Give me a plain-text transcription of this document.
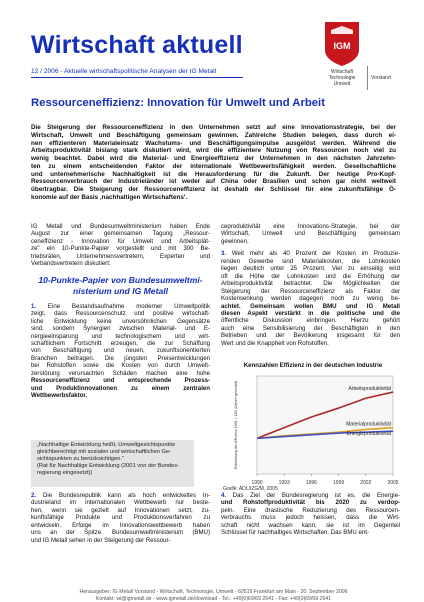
Wirtschaft aktuell
12 / 2006 - Aktuelle wirtschaftspolitische Analysen der IG Metall
IGM
Wirtschaft
Technologie
Umwelt
Vorstand
Ressourceneffizienz: Innovation für Umwelt und Arbeit
Die Steigerung der Ressourceneffizienz in den Unternehmen setzt auf eine Innovationsstrategie, bei der
Wirtschaft, Umwelt und Beschäftigung gemeinsam gewinnen. Zahlreiche Studien belegen, dass durch ei-
nen effizienteren Materialeinsatz Wachstums- und Beschäftigungsimpulse ausgelöst werden. Während die
Arbeitsproduktivität bislang stark diskutiert wird, wird die effizientere Nutzung von Ressourcen noch viel zu
wenig beachtet. Dabei wird die Material- und Energieeffizienz der Unternehmen in den nächsten Jahrzehn-
ten zu einem entscheidenden Faktor der internationale Wettbewerbsfähigkeit werden. Gesellschaftliche
und unternehmerische Nachhaltigkeit ist die Herausforderung für die Zukunft. Der heutige Pro-Kopf-
Ressourcenverbrauch der Industrieländer ist weder auf China oder Brasilien und schon gar nicht weltweit
übertragbar. Die Steigerung der Ressourceneffizienz ist deshalb der Schlüssel für eine zukunftsfähige Ö-
konomie auf der Basis ‚nachhaltigen Wirtschaftens'.

IG Metall und Bundesumweltministerium haben Ende
August zur einer gemeinsamen Tagung „Ressour-
ceneffizienz - Innovation für Umwelt und Arbeitsplät-
ze" ein 10-Punkte-Papier vorgestellt und mit 300 Be-
triebsräten, Unternehmensvertretern, Experten und
Verbandsvertretern diskutiert:

10-Punkte-Papier von Bundesumweltmi-
nisterium und IG Metall

1. Eine Bestandsaufnahme moderner Umweltpolitik
zeigt, dass Ressourcenschutz und positive wirtschaft-
liche Entwicklung keine unversöhnlichen Gegensätze
sind, sondern Synergien zwischen Material- und E-
nergieeinsparung und technologischem und wirt-
schaftlichem Fortschritt erzeugen, die zur Schaffung
von Beschäftigung und neuen, zukunftsorientierten
Branchen beitragen. Die jüngsten Preisentwicklungen
bei Rohstoffen sowie die Kosten von durch Umwelt-
zerstörung verursachten Schäden machen eine hohe
Ressourceneffizienz und entsprechende Prozess-
und Produktinnovationen zu einem zentralen
Wettbewerbsfaktor.

„Nachhaltige Entwicklung heißt, Umweltgesichtspunkte
gleichberechtigt mit sozialen und wirtschaftlichen Ge-
sichtspunkten zu berücksichtigen."
(Rat für Nachhaltige Entwicklung (2001 von der Bundes-
regierung eingesetzt))

2. Die Bundesrepublik kann als hoch entwickeltes In-
dustrieland im internationalen Wettbewerb nur beste-
hen, wenn sie gezielt auf Innovationen setzt, zu-
kunftsfähige Produkte und Produktionsverfahren zu
entwickeln. Erfolge im Innovationswettbewerb haben
uns an der Spitze. Bundesumweltministerium (BMU)
und IG Metall sehen in der Steigerung der Ressour-

ceproduktivität eine Innovations-Strategie, bei der
Wirtschaft, Umwelt und Beschäftigung gemeinsam
gewinnen.

3. Weit mehr als 40 Prozent der Kosten im Produzie-
renden Gewerbe sind Materialkosten, die Lohnkosten
liegen deutlich unter 25 Prozent. Viel zu einseitig wird
oft die Höhe der Lohnkosten und die Erhöhung der
Arbeitsproduktivität betrachtet. Die Möglichkeiten der
Steigerung der Ressourceneffizienz als Faktor der
Kostensenkung werden dagegen noch zu wenig be-
achtet. Gemeinsam wollen BMU und IG Metall
diesen Aspekt verstärkt in die politische und die
öffentliche Diskussion einbringen. Hierzu gehört
auch eine Sensibilisierung der Beschäftigten in den
Betrieben und der Bevölkerung insgesamt für den
Wert und die Knappheit von Rohstoffen.

Kennzahlen Effizienz in der deutschen Industrie
1990	1993	1996	1999	2002	2005
Entwicklung der Effizienz 1991 = 100 (Zahlen gerundet)	Arbeitsproduktivität
Materialproduktivität
Energieproduktivität
Grafik: ADL/IZG/M, 2005

4. Das Ziel der Bundesregierung ist es, die Energie-
und Rohstoffproduktivität bis 2020 zu verdop-
peln. Eine drastische Reduzierung des Ressourcen-
verbrauchs muss jedoch heissen, dass die Wirt-
schaft nicht wachsen kann, sie ist im Gegenteil
Schlüssel für nachhaltiges Wirtschaften. Das BMU ent-

Herausgeber: IG Metall Vorstand - Wirtschaft, Technologie, Umwelt - 60519 Frankfurt am Main - 20. September 2006
Kontakt: wi@igmetall.de - www.igmetall.de/download - Tel.: +49(0)69/69 2641 - Fax: +49(0)69/69 2641
